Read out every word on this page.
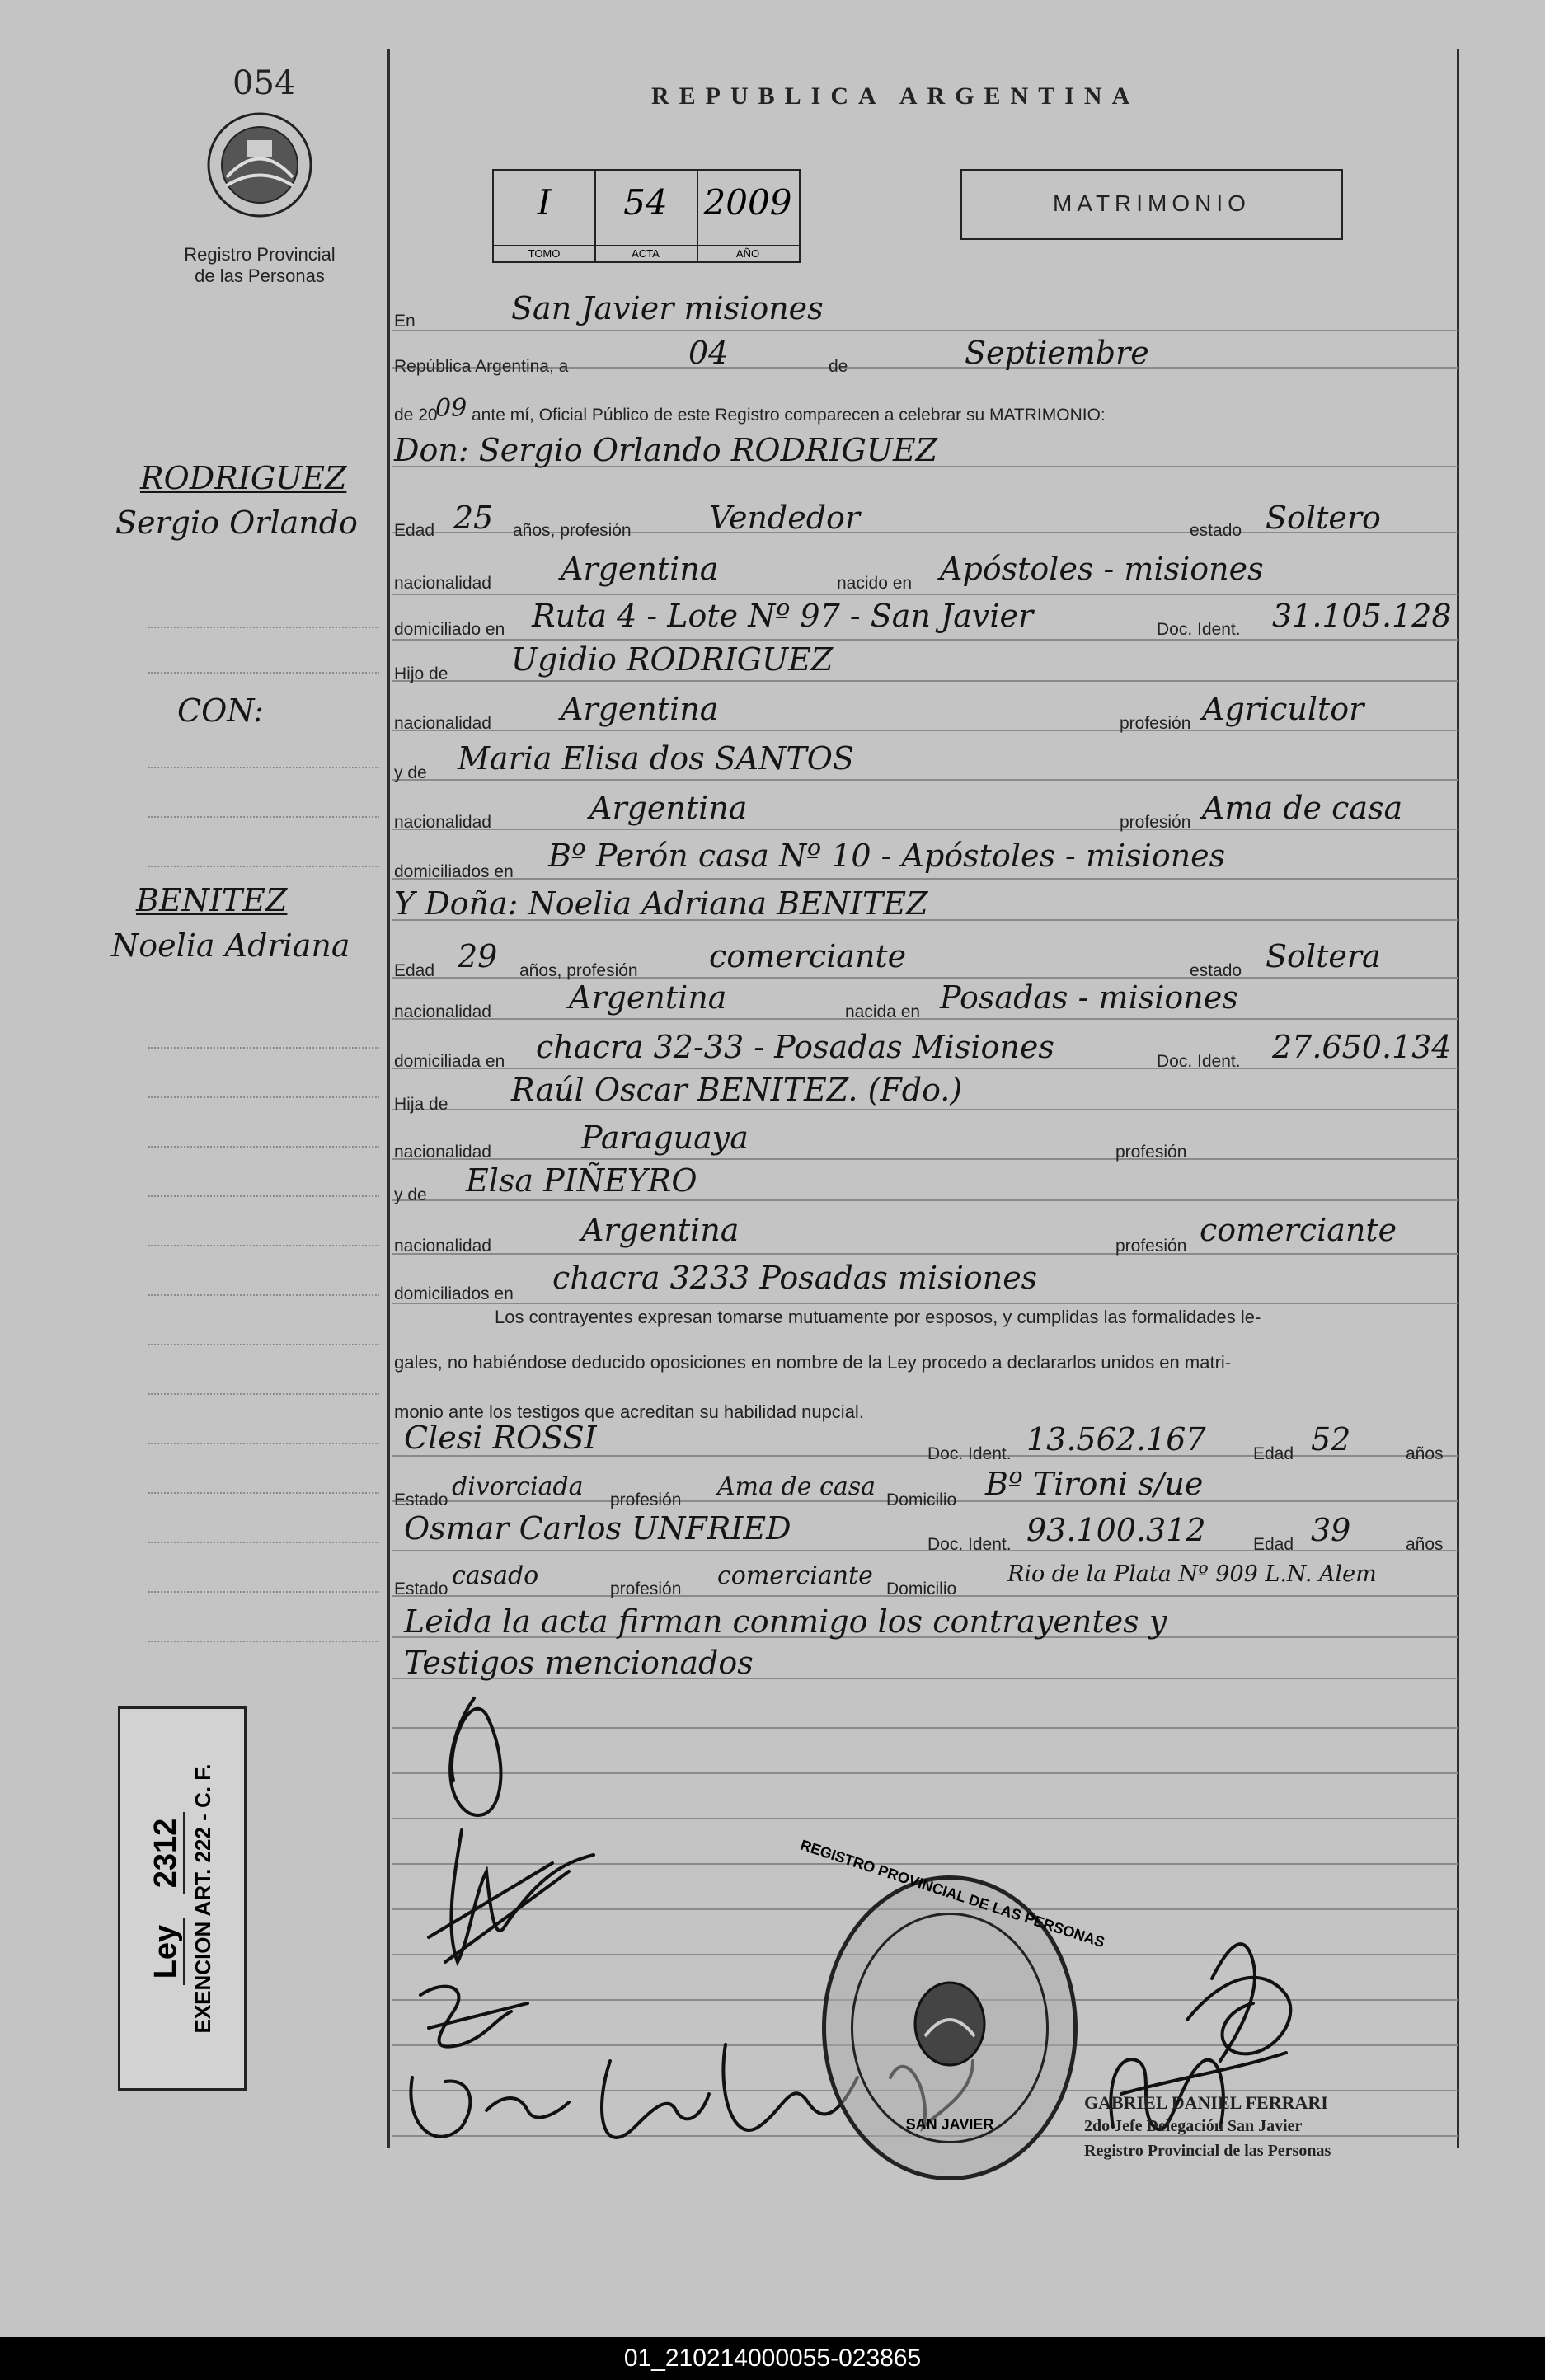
054
Registro Provincial
de las Personas
REPUBLICA ARGENTINA
I
TOMO
54
ACTA
2009
AÑO
MATRIMONIO
RODRIGUEZ
Sergio Orlando
CON:
BENITEZ
Noelia Adriana
En	San Javier misiones
República Argentina, a	04	de	Septiembre
de 20
09 ante mí, Oficial Público de este Registro comparecen a celebrar su MATRIMONIO:
Don: Sergio Orlando RODRIGUEZ
Edad 25 años, profesión Vendedor	estado Soltero
nacionalidad Argentina	nacido en Apóstoles - misiones
domiciliado en Ruta 4 - Lote Nº 97 - San Javier	Doc. Ident. 31.105.128
Hijo de Ugidio RODRIGUEZ
nacionalidad Argentina	profesión Agricultor
y de Maria Elisa dos SANTOS
nacionalidad	Argentina	profesión Ama de casa
domiciliados en Bº Perón casa Nº 10 - Apóstoles - misiones
Y Doña: Noelia Adriana BENITEZ
Edad 29 años, profesión comerciante	estado Soltera
nacionalidad Argentina	nacida en Posadas - misiones
domiciliada en chacra 32-33 - Posadas Misiones	Doc. Ident. 27.650.134
Hija de Raúl Oscar BENITEZ. (Fdo.)
nacionalidad	Paraguaya	profesión
y de Elsa PIÑEYRO
nacionalidad	Argentina	profesión comerciante
domiciliados en chacra 3233 Posadas misiones
Los contrayentes expresan tomarse mutuamente por esposos, y cumplidas las formalidades le-
gales, no habiéndose deducido oposiciones en nombre de la Ley procedo a declararlos unidos en matri-
monio ante los testigos que acreditan su habilidad nupcial.
Clesi ROSSI	Doc. Ident. 13.562.167	Edad 52	años
Estado divorciada profesión Ama de casa Domicilio Bº Tironi s/ue
Osmar Carlos UNFRIED	Doc. Ident. 93.100.312	Edad 39	años
Estado casado	profesión comerciante Domicilio
Rio de la Plata Nº 909 L.N. Alem
Leida la acta firman conmigo los contrayentes y
Testigos mencionados
Ley 2312 EXENCION ART. 222 - C. F.	REGISTRO PROVINCIAL DE LAS PERSONAS
SAN JAVIER
GABRIEL DANIEL FERRARI
2do Jefe Delegación San Javier
Registro Provincial de las Personas
01_210214000055-023865
